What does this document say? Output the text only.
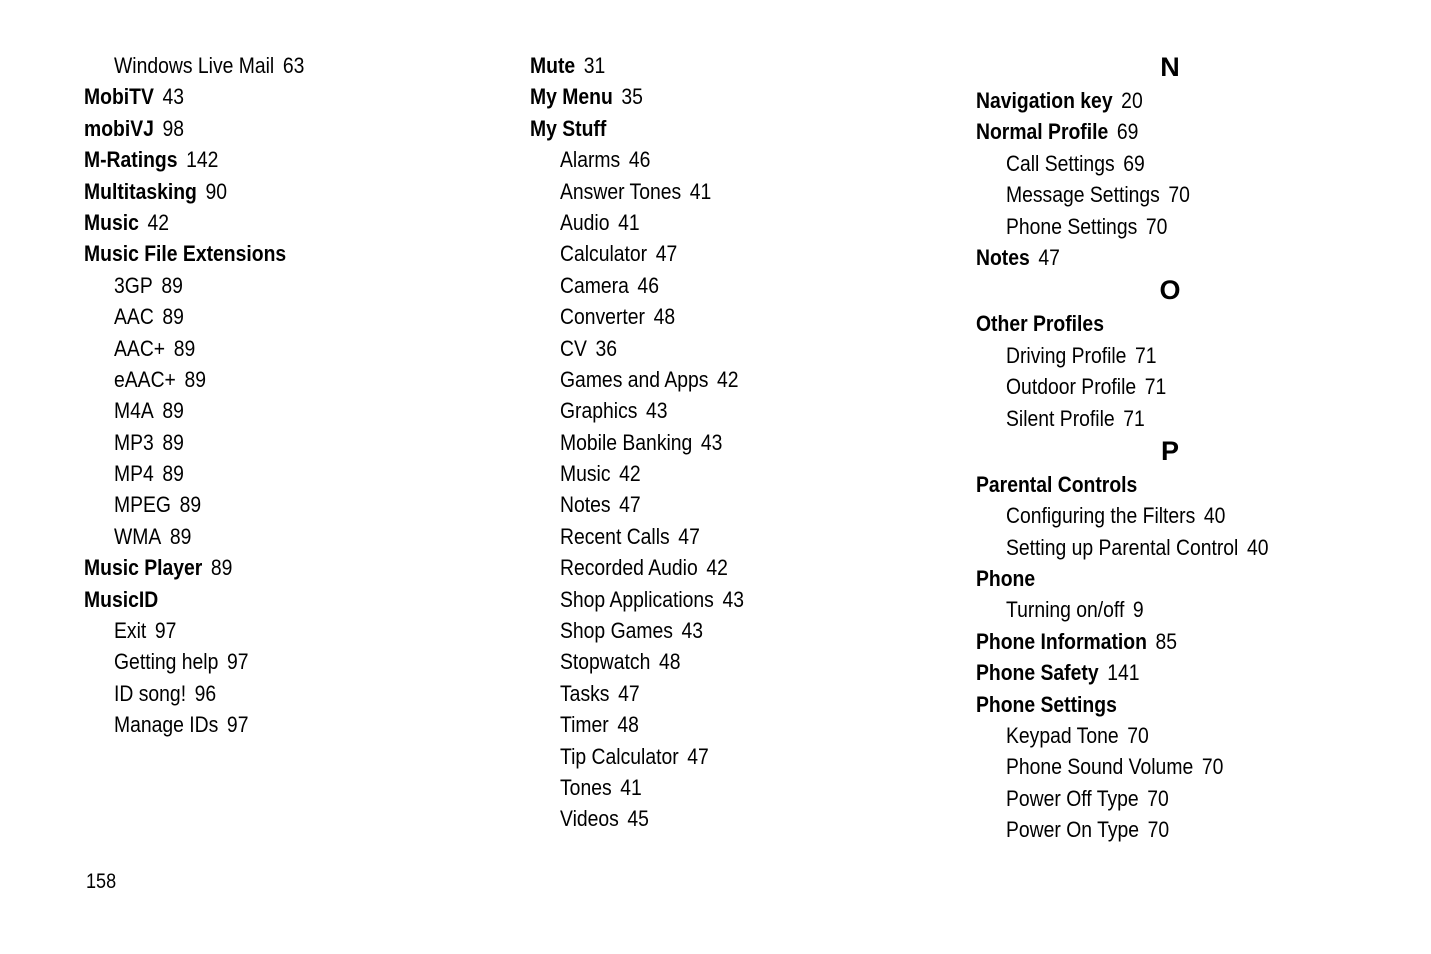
Windows Live Mail 63
MobiTV 43
mobiVJ 98
M-Ratings 142
Multitasking 90
Music 42
Music File Extensions
3GP 89
AAC 89
AAC+ 89
eAAC+ 89
M4A 89
MP3 89
MP4 89
MPEG 89
WMA 89
Music Player 89
MusicID
Exit 97
Getting help 97
ID song! 96
Manage IDs 97
Mute 31
My Menu 35
My Stuff
Alarms 46
Answer Tones 41
Audio 41
Calculator 47
Camera 46
Converter 48
CV 36
Games and Apps 42
Graphics 43
Mobile Banking 43
Music 42
Notes 47
Recent Calls 47
Recorded Audio 42
Shop Applications 43
Shop Games 43
Stopwatch 48
Tasks 47
Timer 48
Tip Calculator 47
Tones 41
Videos 45
N
Navigation key 20
Normal Profile 69
Call Settings 69
Message Settings 70
Phone Settings 70
Notes 47
O
Other Profiles
Driving Profile 71
Outdoor Profile 71
Silent Profile 71
P
Parental Controls
Configuring the Filters 40
Setting up Parental Control 40
Phone
Turning on/off 9
Phone Information 85
Phone Safety 141
Phone Settings
Keypad Tone 70
Phone Sound Volume 70
Power Off Type 70
Power On Type 70
158
